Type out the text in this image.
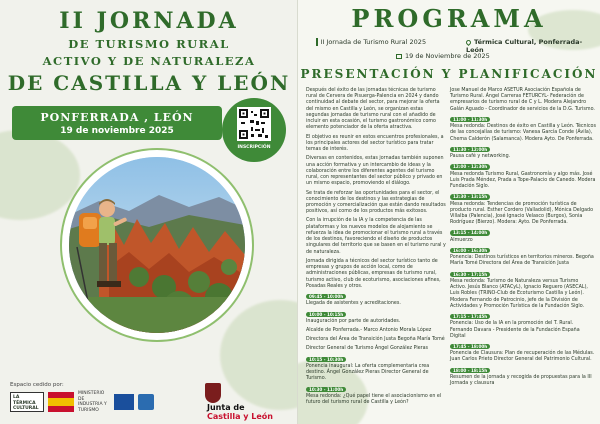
II JORNADA
DE TURISMO RURAL
ACTIVO Y DE NATURALEZA
DE CASTILLA Y LEÓN
PONFERRADA , LEÓN
19 de noviembre 2025
INSCRIPCIÓN
Espacio cedido por:
LA TÉRMICA CULTURAL
MINISTERIO DE INDUSTRIA Y TURISMO	Junta de
Castilla y León
PROGRAMA
II Jornada de Turismo Rural 2025	Térmica Cultural, Ponferrada-León
19 de Noviembre de 2025
PRESENTACIÓN Y PLANIFICACIÓN

Después del éxito de las jornadas técnicas de turismo rural de Cervera de Pisuerga-Palencia en 2024 y dando continuidad al debate del sector, para mejorar la oferta del mismo en Castilla y León, se organizan estas segundas jornadas de turismo rural con el añadido de incluir en esta ocasión, el turismo gastronómico como elemento potenciador de la oferta atractiva.

El objetivo es reunir en estos encuentros profesionales, a los principales actores del sector turístico para tratar temas de interés.

Diversas en contenidos, estas jornadas también suponen una acción formativa y un intercambio de ideas y la colaboración entre los diferentes agentes del turismo rural, con representantes del sector público y privado en un mismo espacio, promoviendo el diálogo.

Se trata de reforzar las oportunidades para el sector, el conocimiento de los destinos y las estrategias de promoción y comercialización que están dando resultados positivos, así como de los productos más exitosos.

Con la irrupción de la IA y la competencia de las plataformas y los nuevos modelos de alojamiento se refuerza la idea de promocionar el turismo rural a través de los destinos, favoreciendo el diseño de productos singulares del territorio que se basen en el turismo rural y de naturaleza.

Jornada dirigida a técnicos del sector turístico tanto de empresas y grupos de acción local, como de administraciones públicas, empresas de turismo rural, turismo activo, club de ecoturismo, asociaciones afines, Posadas Reales y otros.

09:45 - 10:00h
Llegada de asistentes y acreditaciones.
10:00 - 10:15h
Inauguración por parte de autoridades.
Alcalde de Ponferrada.- Marco Antonio Morala López
Directora del Área de Transición Justa Begoña María Tomé
Director General de Turismo Ángel González Pieras
10:15 - 10:30h
Ponencia inaugural: La oferta complementaria crea destino. Ángel González Pieras Director General de Turismo.
10:30 - 11:00h
Mesa redonda: ¿Qué papel tiene el asociacionismo en el futuro del turismo rural de Castilla y León?
Jose Manuel de Marco ASETUR Asociación Española de Turismo Rural. Ángel Carreras FETURCYL- Federación de empresarios de turismo rural de C y L. Modera Alejandro Galán Aguado - Coordinador de servicios de la D.G. Turismo.
11:00 - 11:30h
Mesa redonda: Destinos de éxito en Castilla y León. Técnicos de las concejalías de turismo: Vanesa García Conde (Ávila), Chema Calderón (Salamanca). Modera Ayto. De Ponferrada.
11:30 - 12:00h
Pausa café y networking.
12:00 - 12:30h
Mesa redonda Turismo Rural, Gastronomía y algo más. José Luis Prada Méndez, Prada a Tope-Palacio de Canedo. Modera Fundación Siglo.
12:30 - 13:15h
Mesa redonda: Tendencias de promoción turística de producto rural. Esther Cordero (Valladolid), Mónica Delgado Villalba (Palencia), José Ignacio Velasco (Burgos), Sonia Rodríguez (Bierzo). Modera: Ayto. De Ponferrada.
13:15 - 14:00h
Almuerzo
16:00 - 16:30h
Ponencia: Destinos turísticos en territorios mineros. Begoña María Tomé Directora del Área de Transición Justa
16:30 - 17:15h
Mesa redonda: Turismo de Naturaleza versus Turismo Activo. Jesús Blanco (ATACyL), Ignacio Reguero (ASECAL), Luis Robles (TRINO-Club de Ecoturismo Castilla y León). Modera Fernando de Patrocinio, jefe de la División de Actividades y Promoción Turística de la Fundación Siglo.
17:15 - 17:45h
Ponencia: Uso de la IA en la promoción del T. Rural. Fernando Davara - Presidente de la Fundación España Digital
17:45 - 18:00h
Ponencia de Clausura: Plan de recuperación de las Médulas. Juan Carlos Prieto Director General del Patrimonio Cultural.
18:00 - 18:15h
Resumen de la jornada y recogida de propuestas para la III Jornada y clausura
